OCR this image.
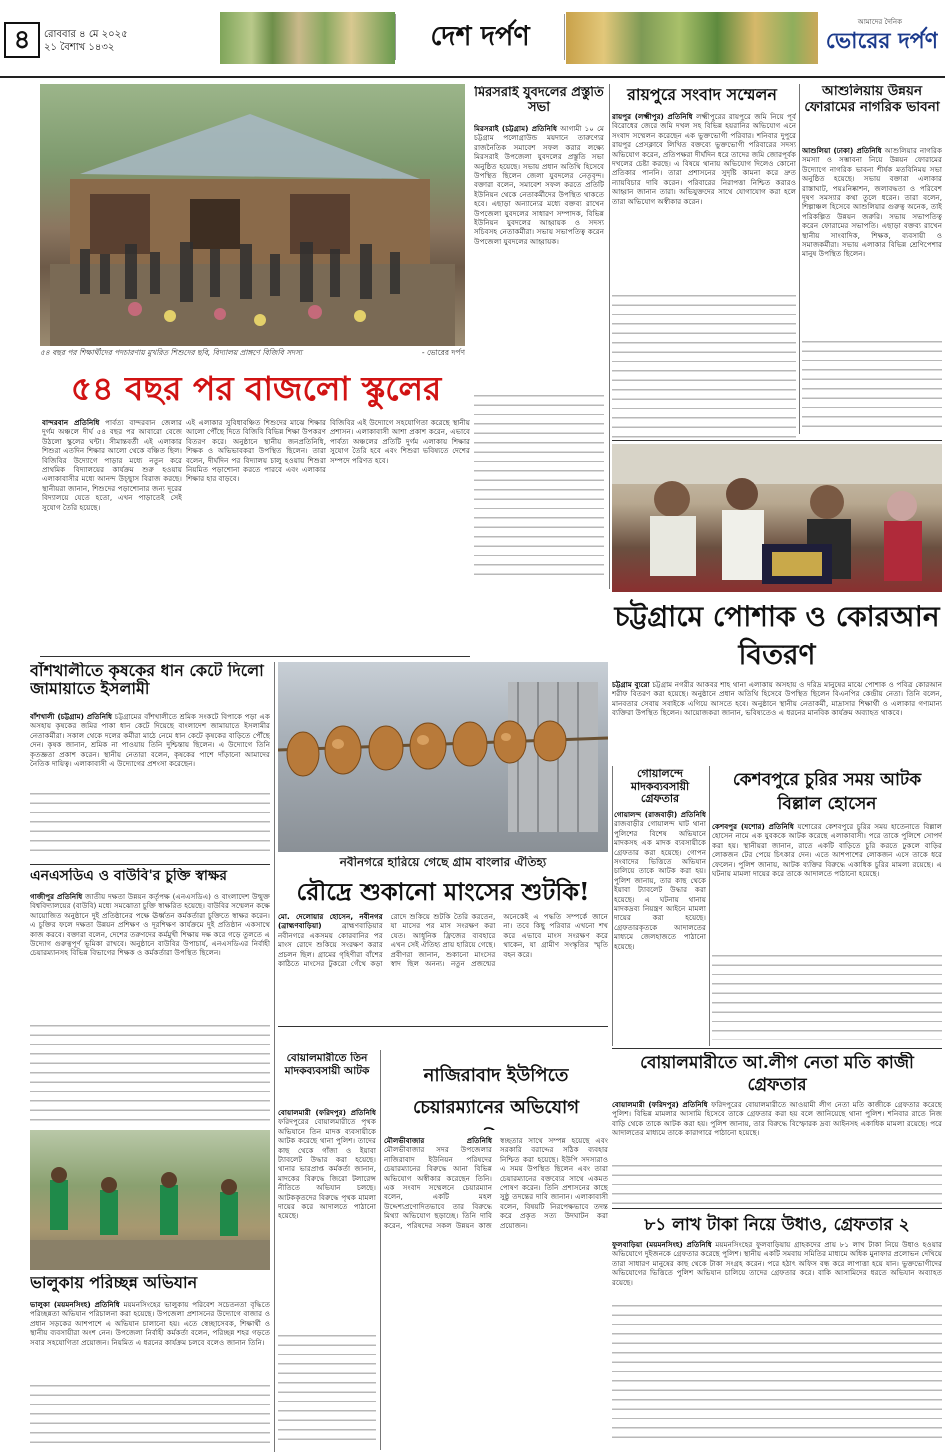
৪	রোববার ৪ মে ২০২৫
২১ বৈশাখ ১৪৩২	দেশ দর্পণ	আমাদের দৈনিক
ভোরের দর্পণ
৫৪ বছর পর শিক্ষার্থীদের পদচারণায় মুখরিত শিশুদের ছবি, বিদ্যালয় প্রাঙ্গণে বিজিবি সদস্য	- ভোরের দর্পণ
৫৪ বছর পর বাজলো স্কুলের
বান্দরবান প্রতিনিধি পার্বত্য বান্দরবান জেলার দুর্গম অঞ্চলে দীর্ঘ ৫৪ বছর পর আবারো বেজে উঠলো স্কুলের ঘন্টা। সীমান্তবর্তী এই এলাকার শিশুরা এতদিন শিক্ষার আলো থেকে বঞ্চিত ছিল। বিজিবির উদ্যোগে পাড়ার মধ্যে নতুন করে প্রাথমিক বিদ্যালয়ের কার্যক্রম শুরু হওয়ায় এলাকাবাসীর মধ্যে আনন্দ উচ্ছ্বাস বিরাজ করছে। স্থানীয়রা জানান, শিশুদের পড়াশোনার জন্য দূরের বিদ্যালয়ে যেতে হতো, এখন পাড়াতেই সেই সুযোগ তৈরি হয়েছে।
এই এলাকার সুবিধাবঞ্চিত শিশুদের মাঝে শিক্ষার আলো পৌঁছে দিতে বিজিবি বিভিন্ন শিক্ষা উপকরণ বিতরণ করে। অনুষ্ঠানে স্থানীয় জনপ্রতিনিধি, শিক্ষক ও অভিভাবকরা উপস্থিত ছিলেন। তারা বলেন, দীর্ঘদিন পর বিদ্যালয় চালু হওয়ায় শিশুরা নিয়মিত পড়াশোনা করতে পারবে এবং এলাকার শিক্ষার হার বাড়বে।
বিজিবির এই উদ্যোগে সহযোগিতা করেছে স্থানীয় প্রশাসন। এলাকাবাসী আশা প্রকাশ করেন, এভাবে পার্বত্য অঞ্চলের প্রতিটি দুর্গম এলাকায় শিক্ষার সুযোগ তৈরি হবে এবং শিশুরা ভবিষ্যতে দেশের সম্পদে পরিণত হবে।
মিরসরাই যুবদলের প্রস্তুতি সভা
মিরসরাই (চট্টগ্রাম) প্রতিনিধি আগামী ১০ মে চট্টগ্রাম পলোগ্রাউন্ড ময়দানে তারুণ্যের রাজনৈতিক সমাবেশ সফল করার লক্ষ্যে মিরসরাই উপজেলা যুবদলের প্রস্তুতি সভা অনুষ্ঠিত হয়েছে। সভায় প্রধান অতিথি হিসেবে উপস্থিত ছিলেন জেলা যুবদলের নেতৃবৃন্দ। বক্তারা বলেন, সমাবেশ সফল করতে প্রতিটি ইউনিয়ন থেকে নেতাকর্মীদের উপস্থিত থাকতে হবে। এছাড়া অন্যান্যের মধ্যে বক্তব্য রাখেন উপজেলা যুবদলের সাধারণ সম্পাদক, বিভিন্ন ইউনিয়ন যুবদলের আহ্বায়ক ও সদস্য সচিবসহ নেতাকর্মীরা। সভায় সভাপতিত্ব করেন উপজেলা যুবদলের আহ্বায়ক।
রায়পুরে সংবাদ সম্মেলন
রায়পুর (লক্ষ্মীপুর) প্রতিনিধি লক্ষ্মীপুরের রায়পুরে জমি নিয়ে পূর্ব বিরোধের জেরে জমি দখল সহ বিভিন্ন হয়রানির অভিযোগ এনে সংবাদ সম্মেলন করেছেন এক ভুক্তভোগী পরিবার। শনিবার দুপুরে রায়পুর প্রেসক্লাবে লিখিত বক্তব্যে ভুক্তভোগী পরিবারের সদস্য অভিযোগ করেন, প্রতিপক্ষরা দীর্ঘদিন ধরে তাদের জমি জোরপূর্বক দখলের চেষ্টা করছে। এ বিষয়ে থানায় অভিযোগ দিলেও কোনো প্রতিকার পাননি। তারা প্রশাসনের সুদৃষ্টি কামনা করে দ্রুত ন্যায়বিচার দাবি করেন। পরিবারের নিরাপত্তা নিশ্চিত করারও আহ্বান জানান তারা। অভিযুক্তদের সাথে যোগাযোগ করা হলে তারা অভিযোগ অস্বীকার করেন।
আশুলিয়ায় উন্নয়ন ফোরামের নাগরিক ভাবনা
আশুলিয়া (ঢাকা) প্রতিনিধি আশুলিয়ার নাগরিক সমস্যা ও সম্ভাবনা নিয়ে উন্নয়ন ফোরামের উদ্যোগে নাগরিক ভাবনা শীর্ষক মতবিনিময় সভা অনুষ্ঠিত হয়েছে। সভায় বক্তারা এলাকার রাস্তাঘাট, পয়ঃনিষ্কাশন, জলাবদ্ধতা ও পরিবেশ দূষণ সমস্যার কথা তুলে ধরেন। তারা বলেন, শিল্পাঞ্চল হিসেবে আশুলিয়ার গুরুত্ব অনেক, তাই পরিকল্পিত উন্নয়ন জরুরি। সভায় সভাপতিত্ব করেন ফোরামের সভাপতি। এছাড়া বক্তব্য রাখেন স্থানীয় সাংবাদিক, শিক্ষক, ব্যবসায়ী ও সমাজকর্মীরা। সভায় এলাকার বিভিন্ন শ্রেণিপেশার মানুষ উপস্থিত ছিলেন।
চট্টগ্রামে পোশাক ও কোরআন বিতরণ
চট্টগ্রাম ব্যুরো চট্টগ্রাম নগরীর আকবর শাহ থানা এলাকায় অসহায় ও দরিদ্র মানুষের মাঝে পোশাক ও পবিত্র কোরআন শরীফ বিতরণ করা হয়েছে। অনুষ্ঠানে প্রধান অতিথি হিসেবে উপস্থিত ছিলেন বিএনপির কেন্দ্রীয় নেতা। তিনি বলেন, মানবতার সেবায় সবাইকে এগিয়ে আসতে হবে। অনুষ্ঠানে স্থানীয় নেতাকর্মী, মাদ্রাসার শিক্ষার্থী ও এলাকার গণ্যমান্য ব্যক্তিরা উপস্থিত ছিলেন। আয়োজকরা জানান, ভবিষ্যতেও এ ধরনের মানবিক কার্যক্রম অব্যাহত থাকবে।
বাঁশখালীতে কৃষকের ধান কেটে দিলো জামায়াতে ইসলামী
বাঁশখালী (চট্টগ্রাম) প্রতিনিধি চট্টগ্রামের বাঁশখালীতে শ্রমিক সংকটে বিপাকে পড়া এক অসহায় কৃষকের জমির পাকা ধান কেটে দিয়েছে বাংলাদেশ জামায়াতে ইসলামীর নেতাকর্মীরা। সকাল থেকে দলের কর্মীরা মাঠে নেমে ধান কেটে কৃষকের বাড়িতে পৌঁছে দেন। কৃষক জানান, শ্রমিক না পাওয়ায় তিনি দুশ্চিন্তায় ছিলেন। এ উদ্যোগে তিনি কৃতজ্ঞতা প্রকাশ করেন। স্থানীয় নেতারা বলেন, কৃষকের পাশে দাঁড়ানো আমাদের নৈতিক দায়িত্ব। এলাকাবাসী এ উদ্যোগের প্রশংসা করেছেন।
এনএসডিএ ও বাউবি'র চুক্তি স্বাক্ষর
গাজীপুর প্রতিনিধি জাতীয় দক্ষতা উন্নয়ন কর্তৃপক্ষ (এনএসডিএ) ও বাংলাদেশ উন্মুক্ত বিশ্ববিদ্যালয়ের (বাউবি) মধ্যে সমঝোতা চুক্তি স্বাক্ষরিত হয়েছে। বাউবির সম্মেলন কক্ষে আয়োজিত অনুষ্ঠানে দুই প্রতিষ্ঠানের পক্ষে ঊর্ধ্বতন কর্মকর্তারা চুক্তিতে স্বাক্ষর করেন। এ চুক্তির ফলে দক্ষতা উন্নয়ন প্রশিক্ষণ ও দূরশিক্ষণ কার্যক্রমে দুই প্রতিষ্ঠান একসাথে কাজ করবে। বক্তারা বলেন, দেশের তরুণদের কর্মমুখী শিক্ষায় দক্ষ করে গড়ে তুলতে এ উদ্যোগ গুরুত্বপূর্ণ ভূমিকা রাখবে। অনুষ্ঠানে বাউবির উপাচার্য, এনএসডিএর নির্বাহী চেয়ারম্যানসহ বিভিন্ন বিভাগের শিক্ষক ও কর্মকর্তারা উপস্থিত ছিলেন।
ভালুকায় পরিচ্ছন্ন অভিযান
ভালুকা (ময়মনসিংহ) প্রতিনিধি ময়মনসিংহের ভালুকায় পরিবেশ সচেতনতা বৃদ্ধিতে পরিচ্ছন্নতা অভিযান পরিচালনা করা হয়েছে। উপজেলা প্রশাসনের উদ্যোগে বাজার ও প্রধান সড়কের আশপাশে এ অভিযান চালানো হয়। এতে স্বেচ্ছাসেবক, শিক্ষার্থী ও স্থানীয় ব্যবসায়ীরা অংশ নেন। উপজেলা নির্বাহী কর্মকর্তা বলেন, পরিচ্ছন্ন শহর গড়তে সবার সহযোগিতা প্রয়োজন। নিয়মিত এ ধরনের কার্যক্রম চলবে বলেও জানান তিনি।
নবীনগরে হারিয়ে গেছে গ্রাম বাংলার ঐতিহ্য
রৌদ্রে শুকানো মাংসের শুটকি!
মো. দেলোয়ার হোসেন, নবীনগর (ব্রাহ্মণবাড়িয়া)	ব্রাহ্মণবাড়িয়ার নবীনগরে একসময় কোরবানির পর মাংস রোদে শুকিয়ে সংরক্ষণ করার প্রচলন ছিল। গ্রামের গৃহিণীরা বাঁশের কাঠিতে মাংসের টুকরো গেঁথে কড়া রোদে শুকিয়ে শুটকি তৈরি করতেন, যা মাসের পর মাস সংরক্ষণ করা যেত। আধুনিক ফ্রিজের ব্যবহারে এখন সেই ঐতিহ্য প্রায় হারিয়ে গেছে। প্রবীণরা জানান, শুকানো মাংসের স্বাদ ছিল অনন্য। নতুন প্রজন্মের অনেকেই এ পদ্ধতি সম্পর্কে জানে না। তবে কিছু পরিবার এখনো শখ করে এভাবে মাংস সংরক্ষণ করে থাকেন, যা গ্রামীণ সংস্কৃতির স্মৃতি বহন করে।
গোয়ালন্দে মাদকব্যবসায়ী গ্রেফতার
গোয়ালন্দ (রাজবাড়ী) প্রতিনিধি রাজবাড়ীর গোয়ালন্দ ঘাট থানা পুলিশের বিশেষ অভিযানে মাদকসহ এক মাদক ব্যবসায়ীকে গ্রেফতার করা হয়েছে। গোপন সংবাদের ভিত্তিতে অভিযান চালিয়ে তাকে আটক করা হয়। পুলিশ জানায়, তার কাছ থেকে ইয়াবা ট্যাবলেট উদ্ধার করা হয়েছে। এ ঘটনায় থানায় মাদকদ্রব্য নিয়ন্ত্রণ আইনে মামলা দায়ের করা হয়েছে। গ্রেফতারকৃতকে আদালতের মাধ্যমে জেলহাজতে পাঠানো হয়েছে।
কেশবপুরে চুরির সময় আটক বিল্লাল হোসেন
কেশবপুর (যশোর) প্রতিনিধি যশোরের কেশবপুরে চুরির সময় হাতেনাতে বিল্লাল হোসেন নামে এক যুবককে আটক করেছে এলাকাবাসী। পরে তাকে পুলিশে সোপর্দ করা হয়। স্থানীয়রা জানান, রাতে একটি বাড়িতে চুরি করতে ঢুকলে বাড়ির লোকজন টের পেয়ে চিৎকার দেন। এতে আশপাশের লোকজন এসে তাকে ধরে ফেলেন। পুলিশ জানায়, আটক ব্যক্তির বিরুদ্ধে একাধিক চুরির মামলা রয়েছে। এ ঘটনায় মামলা দায়ের করে তাকে আদালতে পাঠানো হয়েছে।
বোয়ালমারীতে আ.লীগ নেতা মতি কাজী গ্রেফতার
বোয়ালমারী (ফরিদপুর) প্রতিনিধি ফরিদপুরের বোয়ালমারীতে আওয়ামী লীগ নেতা মতি কাজীকে গ্রেফতার করেছে পুলিশ। বিভিন্ন মামলার আসামি হিসেবে তাকে গ্রেফতার করা হয় বলে জানিয়েছে থানা পুলিশ। শনিবার রাতে নিজ বাড়ি থেকে তাকে আটক করা হয়। পুলিশ জানায়, তার বিরুদ্ধে বিস্ফোরক দ্রব্য আইনসহ একাধিক মামলা রয়েছে। পরে আদালতের মাধ্যমে তাকে কারাগারে পাঠানো হয়েছে।
৮১ লাখ টাকা নিয়ে উধাও, গ্রেফতার ২
ফুলবাড়িয়া (ময়মনসিংহ) প্রতিনিধি ময়মনসিংহের ফুলবাড়িয়ায় গ্রাহকদের প্রায় ৮১ লাখ টাকা নিয়ে উধাও হওয়ার অভিযোগে দুইজনকে গ্রেফতার করেছে পুলিশ। স্থানীয় একটি সমবায় সমিতির মাধ্যমে অধিক মুনাফার প্রলোভন দেখিয়ে তারা সাধারণ মানুষের কাছ থেকে টাকা সংগ্রহ করেন। পরে হঠাৎ অফিস বন্ধ করে লাপাত্তা হয়ে যান। ভুক্তভোগীদের অভিযোগের ভিত্তিতে পুলিশ অভিযান চালিয়ে তাদের গ্রেফতার করে। বাকি আসামিদের ধরতে অভিযান অব্যাহত রয়েছে।
বোয়ালমারীতে তিন মাদকব্যবসায়ী আটক
বোয়ালমারী (ফরিদপুর) প্রতিনিধি ফরিদপুরের বোয়ালমারীতে পৃথক অভিযানে তিন মাদক ব্যবসায়ীকে আটক করেছে থানা পুলিশ। তাদের কাছ থেকে গাঁজা ও ইয়াবা ট্যাবলেট উদ্ধার করা হয়েছে। থানার ভারপ্রাপ্ত কর্মকর্তা জানান, মাদকের বিরুদ্ধে জিরো টলারেন্স নীতিতে অভিযান চলছে। আটককৃতদের বিরুদ্ধে পৃথক মামলা দায়ের করে আদালতে পাঠানো হয়েছে।
নাজিরাবাদ ইউপিতে চেয়ারম্যানের অভিযোগ
মৌলভীবাজার প্রতিনিধি মৌলভীবাজার সদর উপজেলার নাজিরাবাদ ইউনিয়ন পরিষদের চেয়ারম্যানের বিরুদ্ধে আনা বিভিন্ন অভিযোগ অস্বীকার করেছেন তিনি। এক সংবাদ সম্মেলনে চেয়ারম্যান বলেন, একটি মহল উদ্দেশ্যপ্রণোদিতভাবে তার বিরুদ্ধে মিথ্যা অভিযোগ ছড়াচ্ছে। তিনি দাবি করেন, পরিষদের সকল উন্নয়ন কাজ স্বচ্ছতার সাথে সম্পন্ন হয়েছে এবং সরকারি বরাদ্দের সঠিক ব্যবহার নিশ্চিত করা হয়েছে। ইউপি সদস্যরাও এ সময় উপস্থিত ছিলেন এবং তারা চেয়ারম্যানের বক্তব্যের সাথে একমত পোষণ করেন। তিনি প্রশাসনের কাছে সুষ্ঠু তদন্তের দাবি জানান। এলাকাবাসী বলেন, বিষয়টি নিরপেক্ষভাবে তদন্ত করে প্রকৃত সত্য উদঘাটন করা প্রয়োজন।
